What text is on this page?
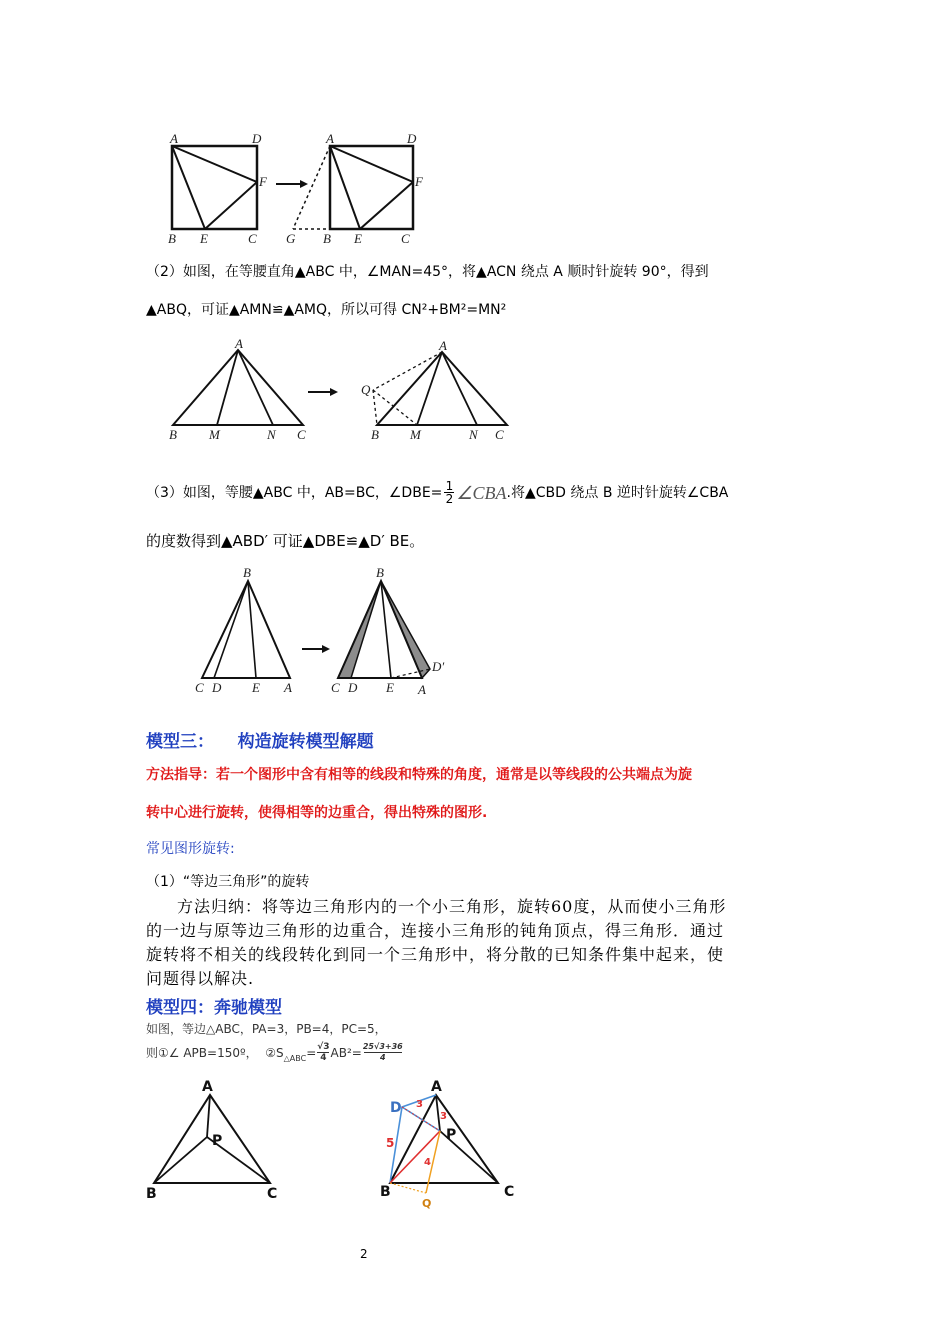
A	D
F
B E	C
A	D
F
G B E	C
（2）如图，在等腰直角▲ABC 中，∠MAN=45°，将▲ACN 绕点 A 顺时针旋转 90°，得到
▲ABQ，可证▲AMN≌▲AMQ，所以可得 CN²+BM²=MN²
A
B M	N C
A
Q
B M	N C
（3）如图，等腰▲ABC 中，AB=BC，∠DBE= 1
2 ∠CBA .将▲CBD 绕点 B 逆时针旋转∠CBA
的度数得到▲ABD′ 可证▲DBE≌▲D′ BE。
B
C D E A
B
C D E A
D′
模型三：    构造旋转模型解题
方法指导：若一个图形中含有相等的线段和特殊的角度，通常是以等线段的公共端点为旋
转中心进行旋转，使得相等的边重合，得出特殊的图形.
常见图形旋转:
（1）“等边三角形”的旋转
方法归纳：将等边三角形内的一个小三角形，旋转60度，从而使小三角形
的一边与原等边三角形的边重合，连接小三角形的钝角顶点，得三角形．通过
旋转将不相关的线段转化到同一个三角形中，将分散的已知条件集中起来，使
问题得以解决.
模型四：奔驰模型
如图，等边△ABC，PA=3，PB=4，PC=5，
则①∠ APB=150º，  ②S △ABC = √3
4 AB² = 25√3+36
4
A
P
B	C
A
D
P
B
Q
C
3
3
5
4
2
